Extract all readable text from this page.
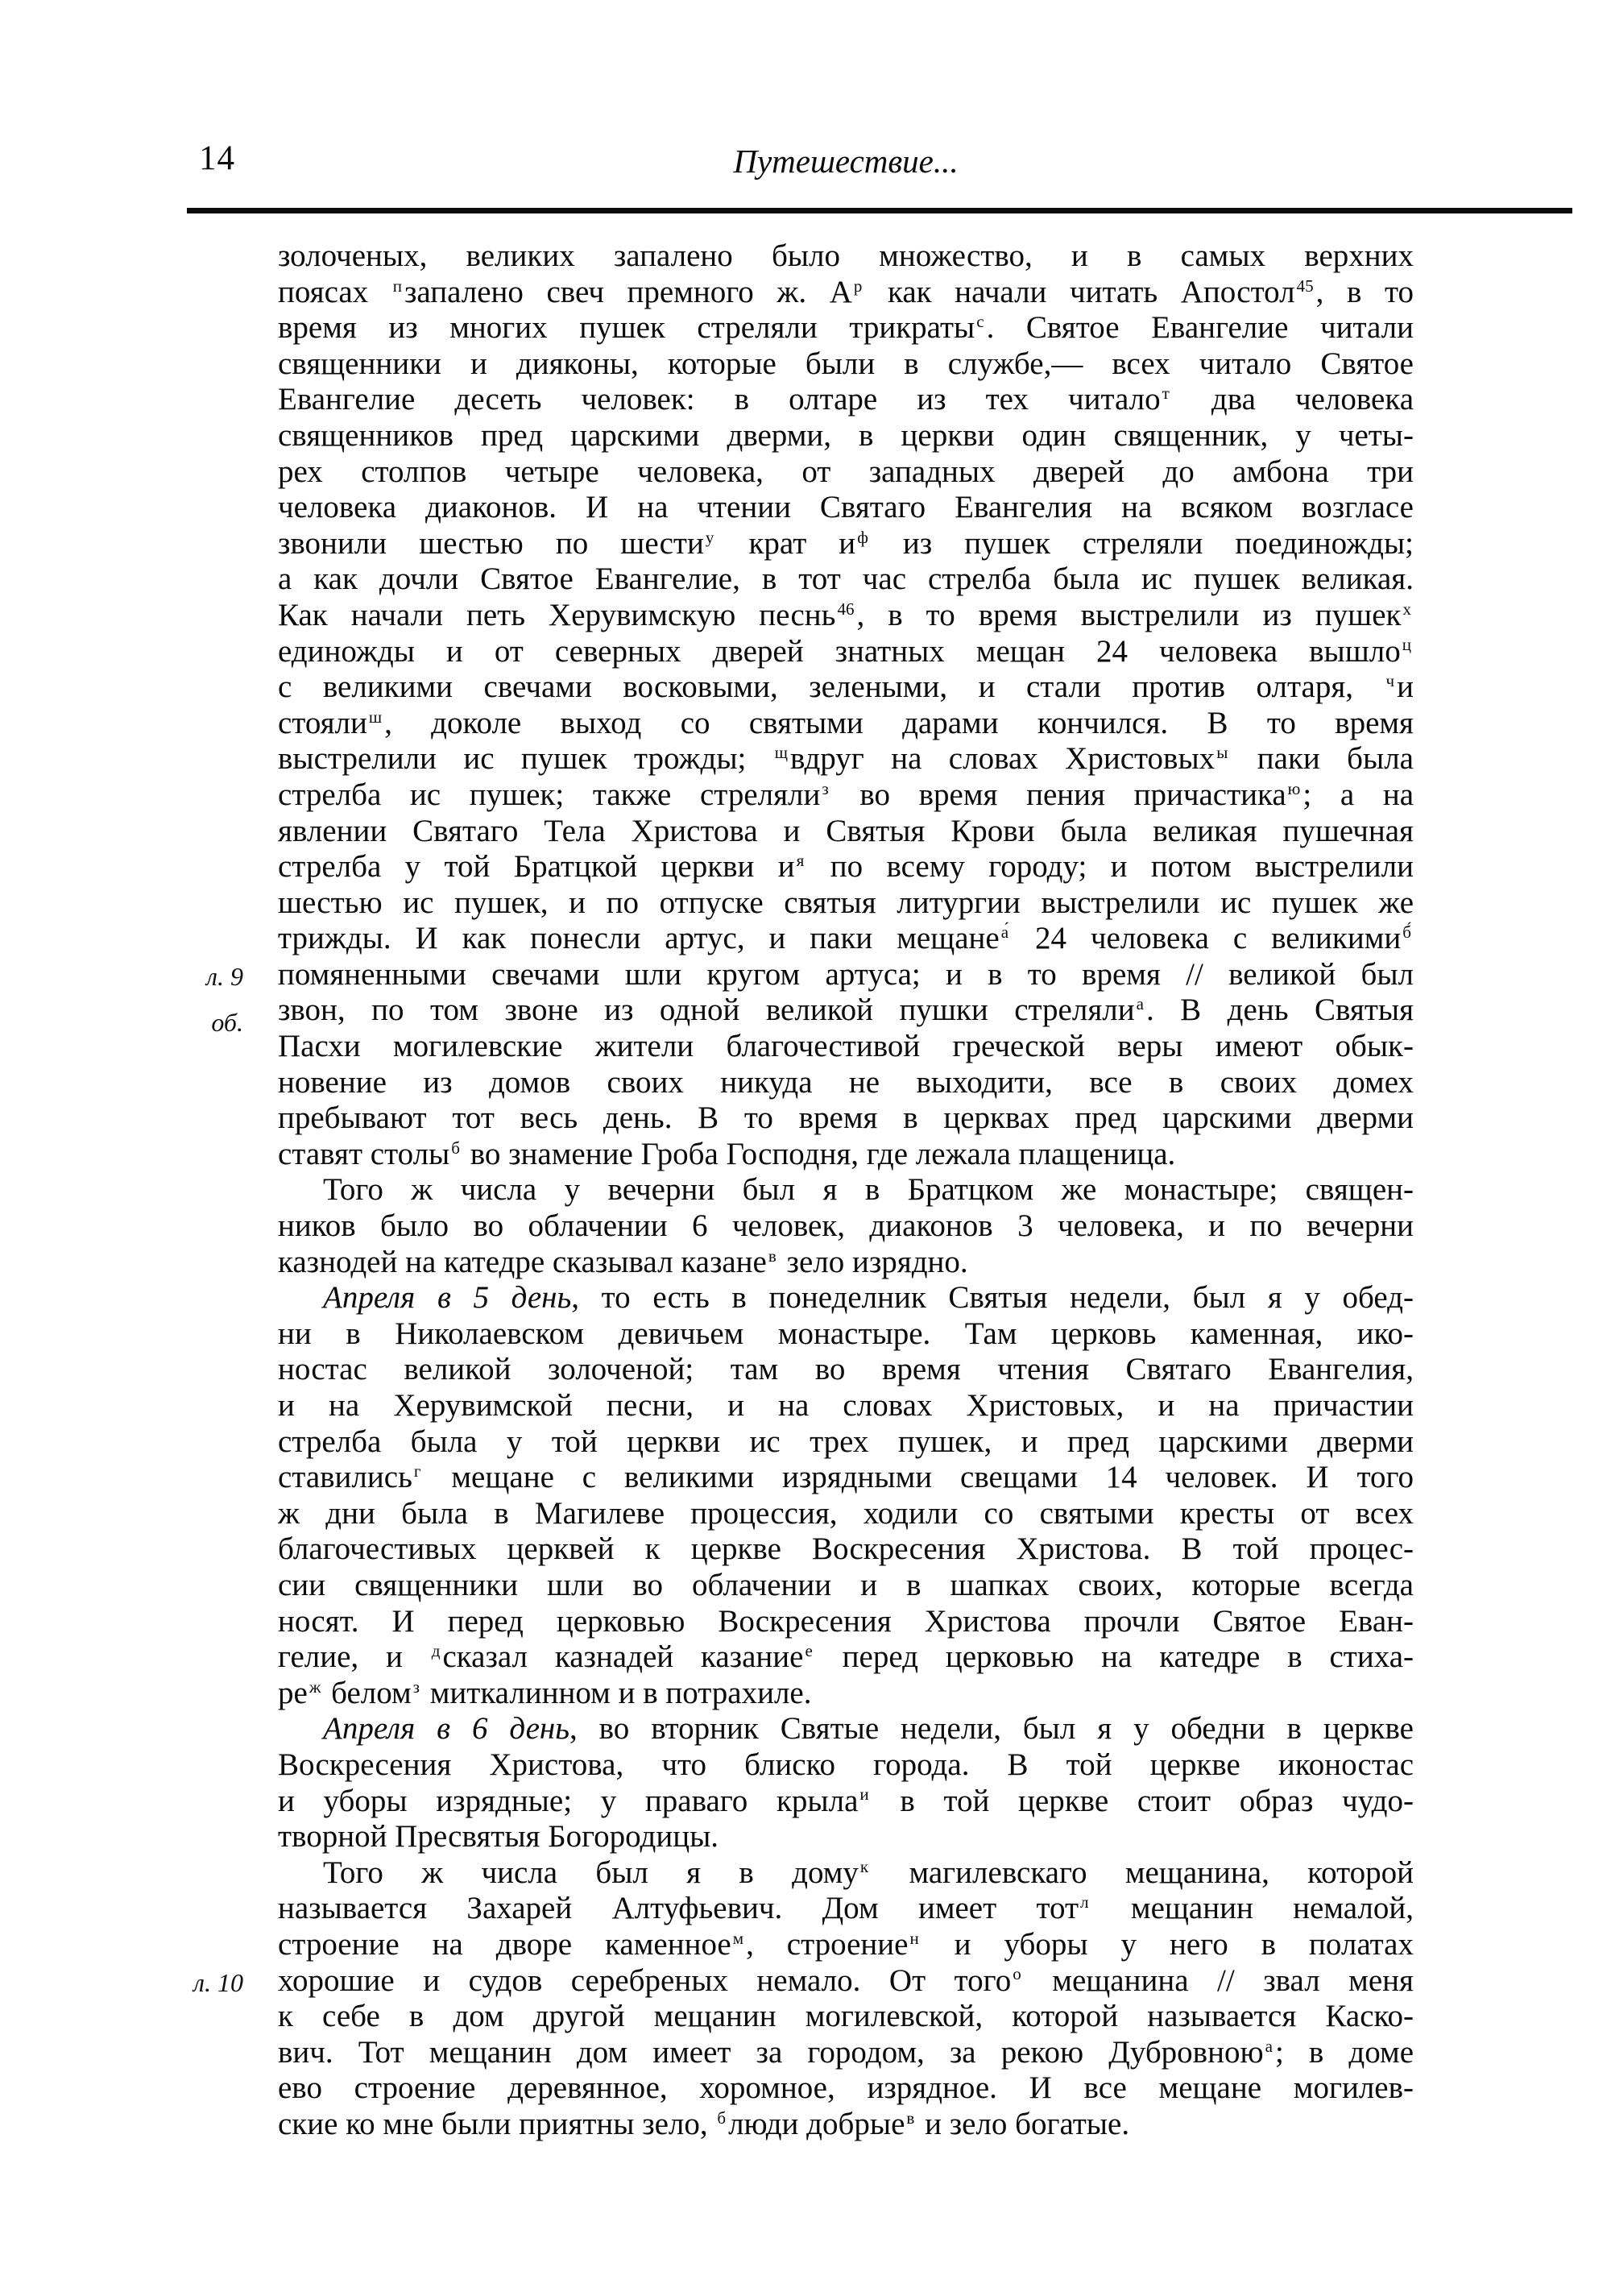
14	Путешествие...
золоченых, великих запалено было множество, и в самых верхних
поясах $^п$запалено свеч премного ж. $А^р$ как начали читать Апостол$^{45}$, в то
время из многих пушек стреляли трикраты$^с$. Святое Евангелие читали
священники и дияконы, которые были в службе,— всех читало Святое
Евангелие десеть человек: в олтаре из тех читало$^т$ два человека
священников пред царскими дверми, в церкви один священник, у четы-
рех столпов четыре человека, от западных дверей до амбона три
человека диаконов. И на чтении Святаго Евангелия на всяком возгласе
звонили шестью по шести$^у$ крат $и^ф$ из пушек стреляли поединожды;
а как дочли Святое Евангелие, в тот час стрелба была ис пушек великая.
Как начали петь Херувимскую песнь$^{46}$, в то время выстрелили из пушек$^х$
единожды и от северных дверей знатных мещан 24 человека вышло$^ц$
с великими свечами восковыми, зелеными, и стали против олтаря, $^ч$и
стояли$^ш$, доколе выход со святыми дарами кончился. В то время
выстрелили ис пушек трожды; $^щ$вдруг на словах Христовых$^ы$ паки была
стрелба ис пушек; также стреляли$^з$ во время пения причастика$^ю$; а на
явлении Святаго Тела Христова и Святыя Крови была великая пушечная
стрелба у той Братцкой церкви $и^я$ по всему городу; и потом выстрелили
шестью ис пушек, и по отпуске святыя литургии выстрелили ис пушек же
трижды. И как понесли артус, и паки мещане$^{а́}$ 24 человека с великими$^{б́}$
помяненными свечами шли кругом артуса; и в то время // великой был
звон, по том звоне из одной великой пушки стреляли$^а$. В день Святыя
Пасхи могилевские жители благочестивой греческой веры имеют обык-
новение из домов своих никуда не выходити, все в своих домех
пребывают тот весь день. В то время в церквах пред царскими дверми
ставят столы$^б$ во знамение Гроба Господня, где лежала плащеница.
Того ж числа у вечерни был я в Братцком же монастыре; священ-
ников было во облачении 6 человек, диаконов 3 человека, и по вечерни
казнодей на катедре сказывал казане$^в$ зело изрядно.
Апреля в 5 день, то есть в понеделник Святыя недели, был я у обед-
ни в Николаевском девичьем монастыре. Там церковь каменная, ико-
ностас великой золоченой; там во время чтения Святаго Евангелия,
и на Херувимской песни, и на словах Христовых, и на причастии
стрелба была у той церкви ис трех пушек, и пред царскими дверми
ставились$^г$ мещане с великими изрядными свещами 14 человек. И того
ж дни была в Магилеве процессия, ходили со святыми кресты от всех
благочестивых церквей к церкве Воскресения Христова. В той процес-
сии священники шли во облачении и в шапках своих, которые всегда
носят. И перед церковью Воскресения Христова прочли Святое Еван-
гелие, и $^д$сказал казнадей казание$^е$ перед церковью на катедре в стиха-
$ре^ж$ белом$^з$ миткалинном и в потрахиле.
Апреля в 6 день, во вторник Святые недели, был я у обедни в церкве
Воскресения Христова, что блиско города. В той церкве иконостас
и уборы изрядные; у праваго крыла$^и$ в той церкве стоит образ чудо-
творной Пресвятыя Богородицы.
Того ж числа был я в дому$^к$ магилевскаго мещанина, которой
называется Захарей Алтуфьевич. Дом имеет тот$^л$ мещанин немалой,
строение на дворе каменное$^м$, строение$^н$ и уборы у него в полатах
хорошие и судов серебреных немало. От того$^о$ мещанина // звал меня
к себе в дом другой мещанин могилевской, которой называется Каско-
вич. Тот мещанин дом имеет за городом, за рекою Дубровною$^а$; в доме
ево строение деревянное, хоромное, изрядное. И все мещане могилев-
ские ко мне были приятны зело, $^б$люди добрые$^в$ и зело богатые.
л. 9
об.
л. 10
